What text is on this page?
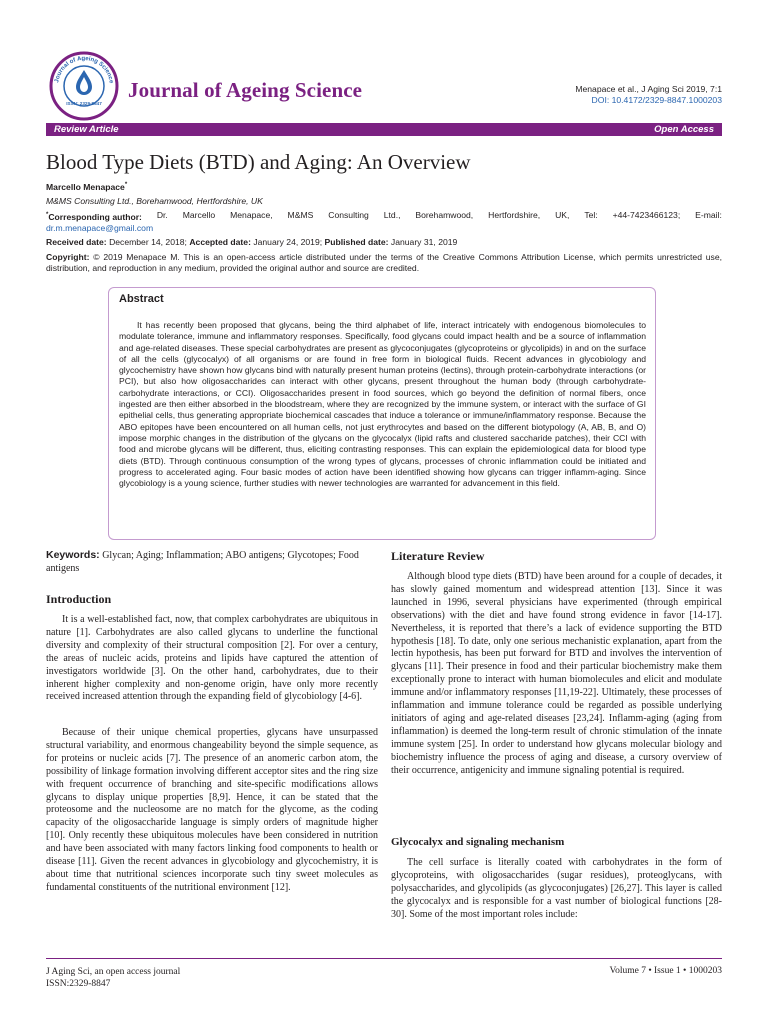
Journal of Ageing Science
ISSN: 2329-8847
Journal of Ageing Science	Menapace et al., J Aging Sci 2019, 7:1
DOI: 10.4172/2329-8847.1000203
Review Article	Open Access
Blood Type Diets (BTD) and Aging: An Overview
Marcello Menapace*
M&MS Consulting Ltd., Borehamwood, Hertfordshire, UK
*Corresponding author: Dr. Marcello Menapace, M&MS Consulting Ltd., Borehamwood, Hertfordshire, UK, Tel: +44-7423466123; E-mail:
dr.m.menapace@gmail.com
Received date: December 14, 2018; Accepted date: January 24, 2019; Published date: January 31, 2019
Copyright: © 2019 Menapace M. This is an open-access article distributed under the terms of the Creative Commons Attribution License, which permits unrestricted use, distribution, and reproduction in any medium, provided the original author and source are credited.
Abstract
It has recently been proposed that glycans, being the third alphabet of life, interact intricately with endogenous biomolecules to modulate tolerance, immune and inflammatory responses. Specifically, food glycans could impact health and be a source of inflammation and age-related diseases. These special carbohydrates are present as glycoconjugates (glycoproteins or glycolipids) in and on the surface of all the cells (glycocalyx) of all organisms or are found in free form in biological fluids. Recent advances in glycobiology and glycochemistry have shown how glycans bind with naturally present human proteins (lectins), through protein-carbohydrate interactions (or PCI), but also how oligosaccharides can interact with other glycans, present throughout the human body (through carbohydrate-carbohydrate interactions, or CCI). Oligosaccharides present in food sources, which go beyond the definition of normal fibers, once ingested are then either absorbed in the bloodstream, where they are recognized by the immune system, or interact with the surface of GI epithelial cells, thus generating appropriate biochemical cascades that induce a tolerance or immune/inflammatory response. Because the ABO epitopes have been encountered on all human cells, not just erythrocytes and based on the different biotypology (A, AB, B, and O) impose morphic changes in the distribution of the glycans on the glycocalyx (lipid rafts and clustered saccharide patches), their CCI with food and microbe glycans will be different, thus, eliciting contrasting responses. This can explain the epidemiological data for blood type diets (BTD). Through continuous consumption of the wrong types of glycans, processes of chronic inflammation could be initiated and progress to accelerated aging. Four basic modes of action have been identified showing how glycans can trigger inflamm-aging. Since glycobiology is a young science, further studies with newer technologies are warranted for advancement in this field.
Keywords: Glycan; Aging; Inflammation; ABO antigens; Glycotopes; Food antigens
Introduction

It is a well-established fact, now, that complex carbohydrates are ubiquitous in nature [1]. Carbohydrates are also called glycans to underline the functional diversity and complexity of their structural composition [2]. For over a century, the areas of nucleic acids, proteins and lipids have captured the attention of investigators worldwide [3]. On the other hand, carbohydrates, due to their inherent higher complexity and non-genome origin, have only more recently received increased attention through the expanding field of glycobiology [4-6].

Because of their unique chemical properties, glycans have unsurpassed structural variability, and enormous changeability beyond the simple sequence, as for proteins or nucleic acids [7]. The presence of an anomeric carbon atom, the possibility of linkage formation involving different acceptor sites and the ring size with frequent occurrence of branching and site-specific modifications allows glycans to display unique properties [8,9]. Hence, it can be stated that the proteosome and the nucleosome are no match for the glycome, as the coding capacity of the oligosaccharide language is simply orders of magnitude higher [10]. Only recently these ubiquitous molecules have been considered in nutrition and have been associated with many factors linking food components to health or disease [11]. Given the recent advances in glycobiology and glycochemistry, it is about time that nutritional sciences incorporate such tiny sweet molecules as fundamental constituents of the nutritional environment [12].

Literature Review

Although blood type diets (BTD) have been around for a couple of decades, it has slowly gained momentum and widespread attention [13]. Since it was launched in 1996, several physicians have experimented (through empirical observations) with the diet and have found strong evidence in favor [14-17]. Nevertheless, it is reported that there’s a lack of evidence supporting the BTD hypothesis [18]. To date, only one serious mechanistic explanation, apart from the lectin hypothesis, has been put forward for BTD and involves the intervention of glycans [11]. Their presence in food and their particular biochemistry make them exceptionally prone to interact with human biomolecules and elicit and modulate immune and/or inflammatory responses [11,19-22]. Ultimately, these processes of inflammation and immune tolerance could be regarded as possible underlying initiators of aging and age-related diseases [23,24]. Inflamm-aging (aging from inflammation) is deemed the long-term result of chronic stimulation of the innate immune system [25]. In order to understand how glycans molecular biology and biochemistry influence the process of aging and disease, a cursory overview of their occurrence, antigenicity and immune signaling potential is required.

Glycocalyx and signaling mechanism

The cell surface is literally coated with carbohydrates in the form of glycoproteins, with oligosaccharides (sugar residues), proteoglycans, with polysaccharides, and glycolipids (as glycoconjugates) [26,27]. This layer is called the glycocalyx and is responsible for a vast number of biological functions [28-30]. Some of the most important roles include:

J Aging Sci, an open access journal
ISSN:2329-8847
Volume 7 • Issue 1 • 1000203
